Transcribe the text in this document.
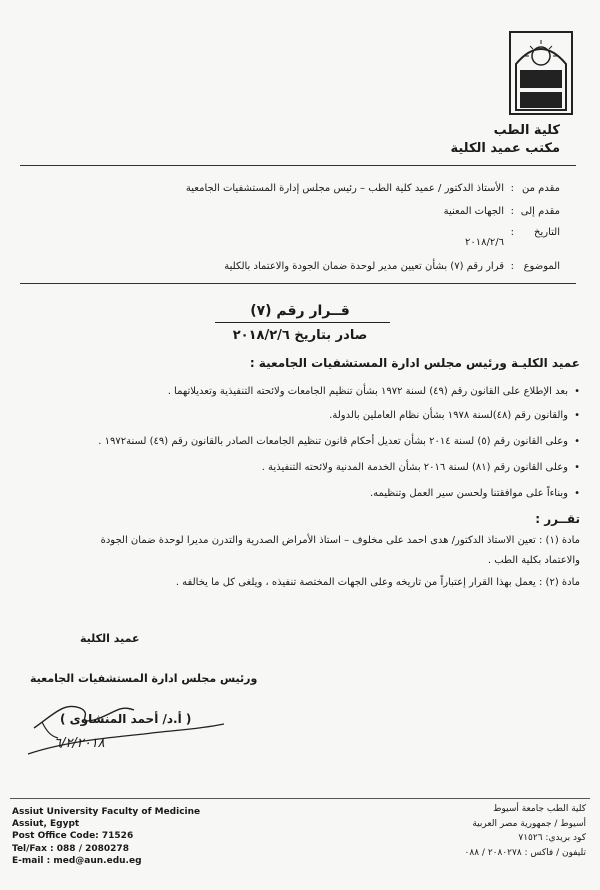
كلية الطب
مكتب عميد الكلية
مقدم من
:
الأستاذ الدكتور / عميد كلية الطب – رئيس مجلس إدارة المستشفيات الجامعية
مقدم إلى
:
الجهات المعنية
التاريخ
:
٢٠١٨/٢/٦
الموضوع
:
قرار رقم (٧) بشأن تعيين مدير لوحدة ضمان الجودة والاعتماد بالكلية
قــرار رقم (٧)
صادر بتاريخ ٢٠١٨/٢/٦
عميد الكليـة ورئيس مجلس ادارة المستشفيات الجامعية :
• بعد الإطلاع على القانون رقم (٤٩) لسنة ١٩٧٢ بشأن تنظيم الجامعات ولائحته التنفيذية وتعديلاتهما .
• والقانون رقم (٤٨)لسنة ١٩٧٨ بشأن نظام العاملين بالدولة.
• وعلى القانون رقم (٥) لسنة ٢٠١٤ بشأن تعديل أحكام قانون تنظيم الجامعات الصادر بالقانون رقم (٤٩) لسنة١٩٧٢ .
• وعلى القانون رقم (٨١) لسنة ٢٠١٦ بشأن الخدمة المدنية ولائحته التنفيذية .
• وبناءاً على موافقتنا ولحسن سير العمل وتنظيمه.
تقــرر :
مادة (١) : تعين الاستاذ الدكتور/ هدى احمد على مخلوف – استاذ الأمراض الصدرية والتدرن مديرا لوحدة ضمان الجودة
والاعتماد بكلية الطب .
مادة (٢) : يعمل بهذا القرار إعتباراً من تاريخه وعلى الجهات المختصة تنفيذه ، ويلغى كل ما يخالفه .
عميد الكلية
ورئيس مجلس ادارة المستشفيات الجامعية
( أ.د/ أحمد المنشاوى )
٦/٢/٢٠١٨
Assiut University Faculty of Medicine
Assiut, Egypt
Post Office Code: 71526
Tel/Fax : 088 / 2080278
E-mail : med@aun.edu.eg
كلية الطب جامعة أسيوط
أسيوط / جمهورية مصر العربية
كود بريدي: ٧١٥٢٦
تليفون / فاكس : ٢٠٨٠٢٧٨ / ٠٨٨
